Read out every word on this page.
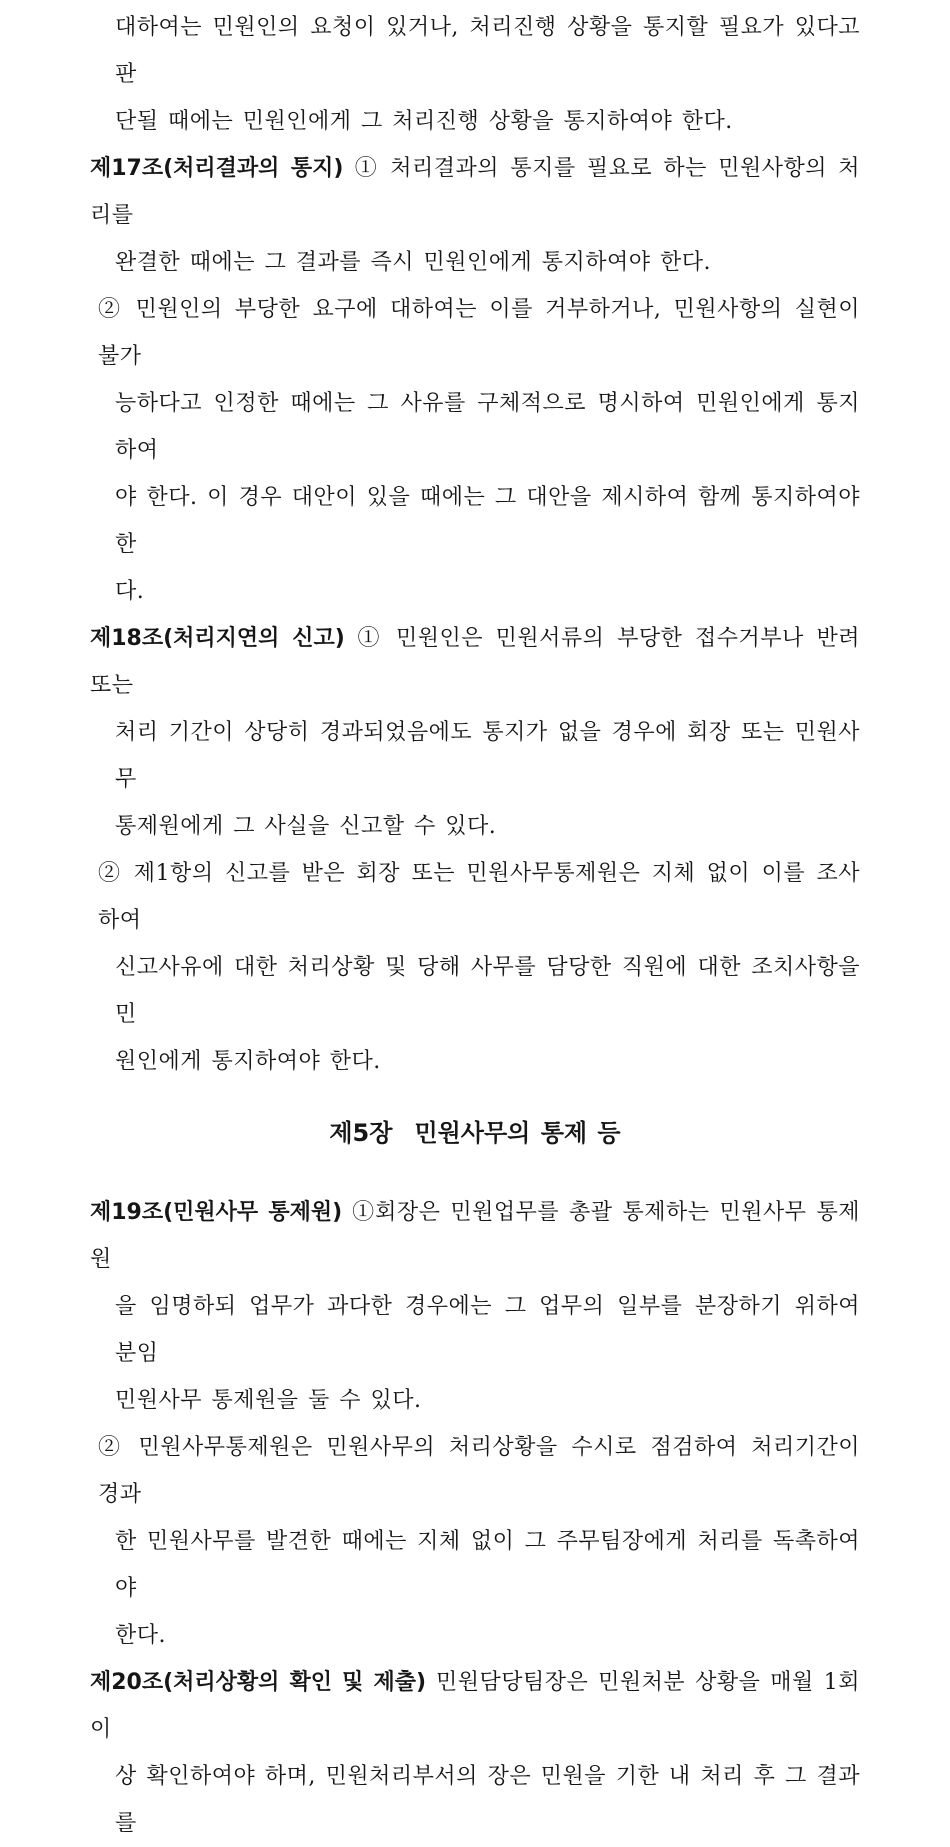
대하여는 민원인의 요청이 있거나, 처리진행 상황을 통지할 필요가 있다고 판
단될 때에는 민원인에게 그 처리진행 상황을 통지하여야 한다.
제17조(처리결과의 통지) ① 처리결과의 통지를 필요로 하는 민원사항의 처리를
완결한 때에는 그 결과를 즉시 민원인에게 통지하여야 한다.
② 민원인의 부당한 요구에 대하여는 이를 거부하거나, 민원사항의 실현이 불가
능하다고 인정한 때에는 그 사유를 구체적으로 명시하여 민원인에게 통지하여
야 한다. 이 경우 대안이 있을 때에는 그 대안을 제시하여 함께 통지하여야 한
다.
제18조(처리지연의 신고) ① 민원인은 민원서류의 부당한 접수거부나 반려 또는
처리 기간이 상당히 경과되었음에도 통지가 없을 경우에 회장 또는 민원사무
통제원에게 그 사실을 신고할 수 있다.
② 제1항의 신고를 받은 회장 또는 민원사무통제원은 지체 없이 이를 조사하여
신고사유에 대한 처리상황 및 당해 사무를 담당한 직원에 대한 조치사항을 민
원인에게 통지하여야 한다.
제5장 민원사무의 통제 등
제19조(민원사무 통제원) ①회장은 민원업무를 총괄 통제하는 민원사무 통제원
을 임명하되 업무가 과다한 경우에는 그 업무의 일부를 분장하기 위하여 분임
민원사무 통제원을 둘 수 있다.
② 민원사무통제원은 민원사무의 처리상황을 수시로 점검하여 처리기간이 경과
한 민원사무를 발견한 때에는 지체 없이 그 주무팀장에게 처리를 독촉하여야
한다.
제20조(처리상황의 확인 및 제출) 민원담당팀장은 민원처분 상황을 매월 1회 이
상 확인하여야 하며, 민원처리부서의 장은 민원을 기한 내 처리 후 그 결과를
